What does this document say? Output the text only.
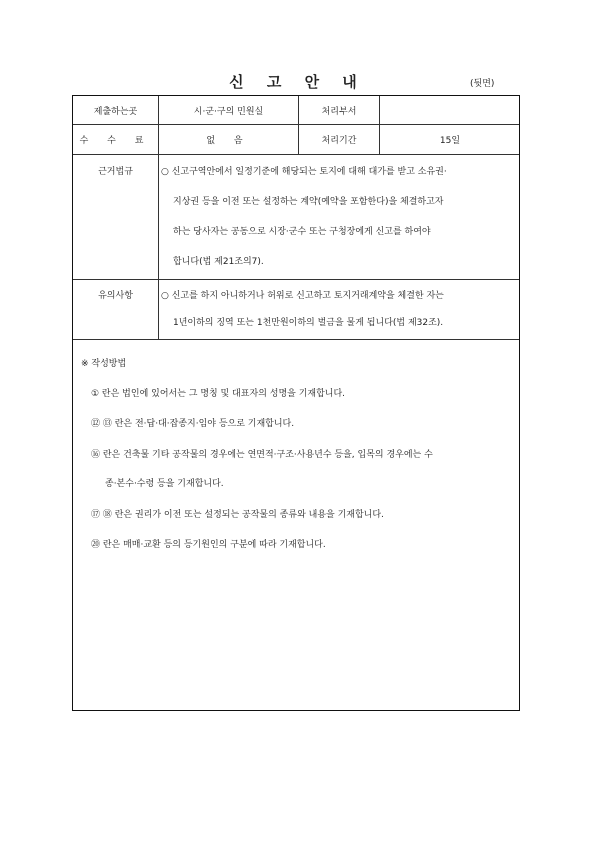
신 고 안 내	(뒷면)
제출하는곳	시·군·구의 민원실	처리부서
수 수 료	없 음	처리기간	15일
근거법규	○ 신고구역안에서 일정기준에 해당되는 토지에 대해 대가를 받고 소유권·
지상권 등을 이전 또는 설정하는 계약(예약을 포함한다)을 체결하고자
하는 당사자는 공동으로 시장·군수 또는 구청장에게 신고를 하여야
합니다(법 제21조의7).
유의사항	○ 신고를 하지 아니하거나 허위로 신고하고 토지거래계약을 체결한 자는
1년이하의 징역 또는 1천만원이하의 벌금을 물게 됩니다(법 제32조).
※ 작성방법
① 란은 법인에 있어서는 그 명칭 및 대표자의 성명을 기재합니다.
⑫ ⑬ 란은 전·답·대·잡종지·임야 등으로 기재합니다.
⑯ 란은 건축물 기타 공작물의 경우에는 연면적·구조·사용년수 등을, 입목의 경우에는 수
종·본수·수령 등을 기재합니다.
⑰ ⑱ 란은 권리가 이전 또는 설정되는 공작물의 종류와 내용을 기재합니다.
⑳ 란은 매매·교환 등의 등기원인의 구분에 따라 기재합니다.
